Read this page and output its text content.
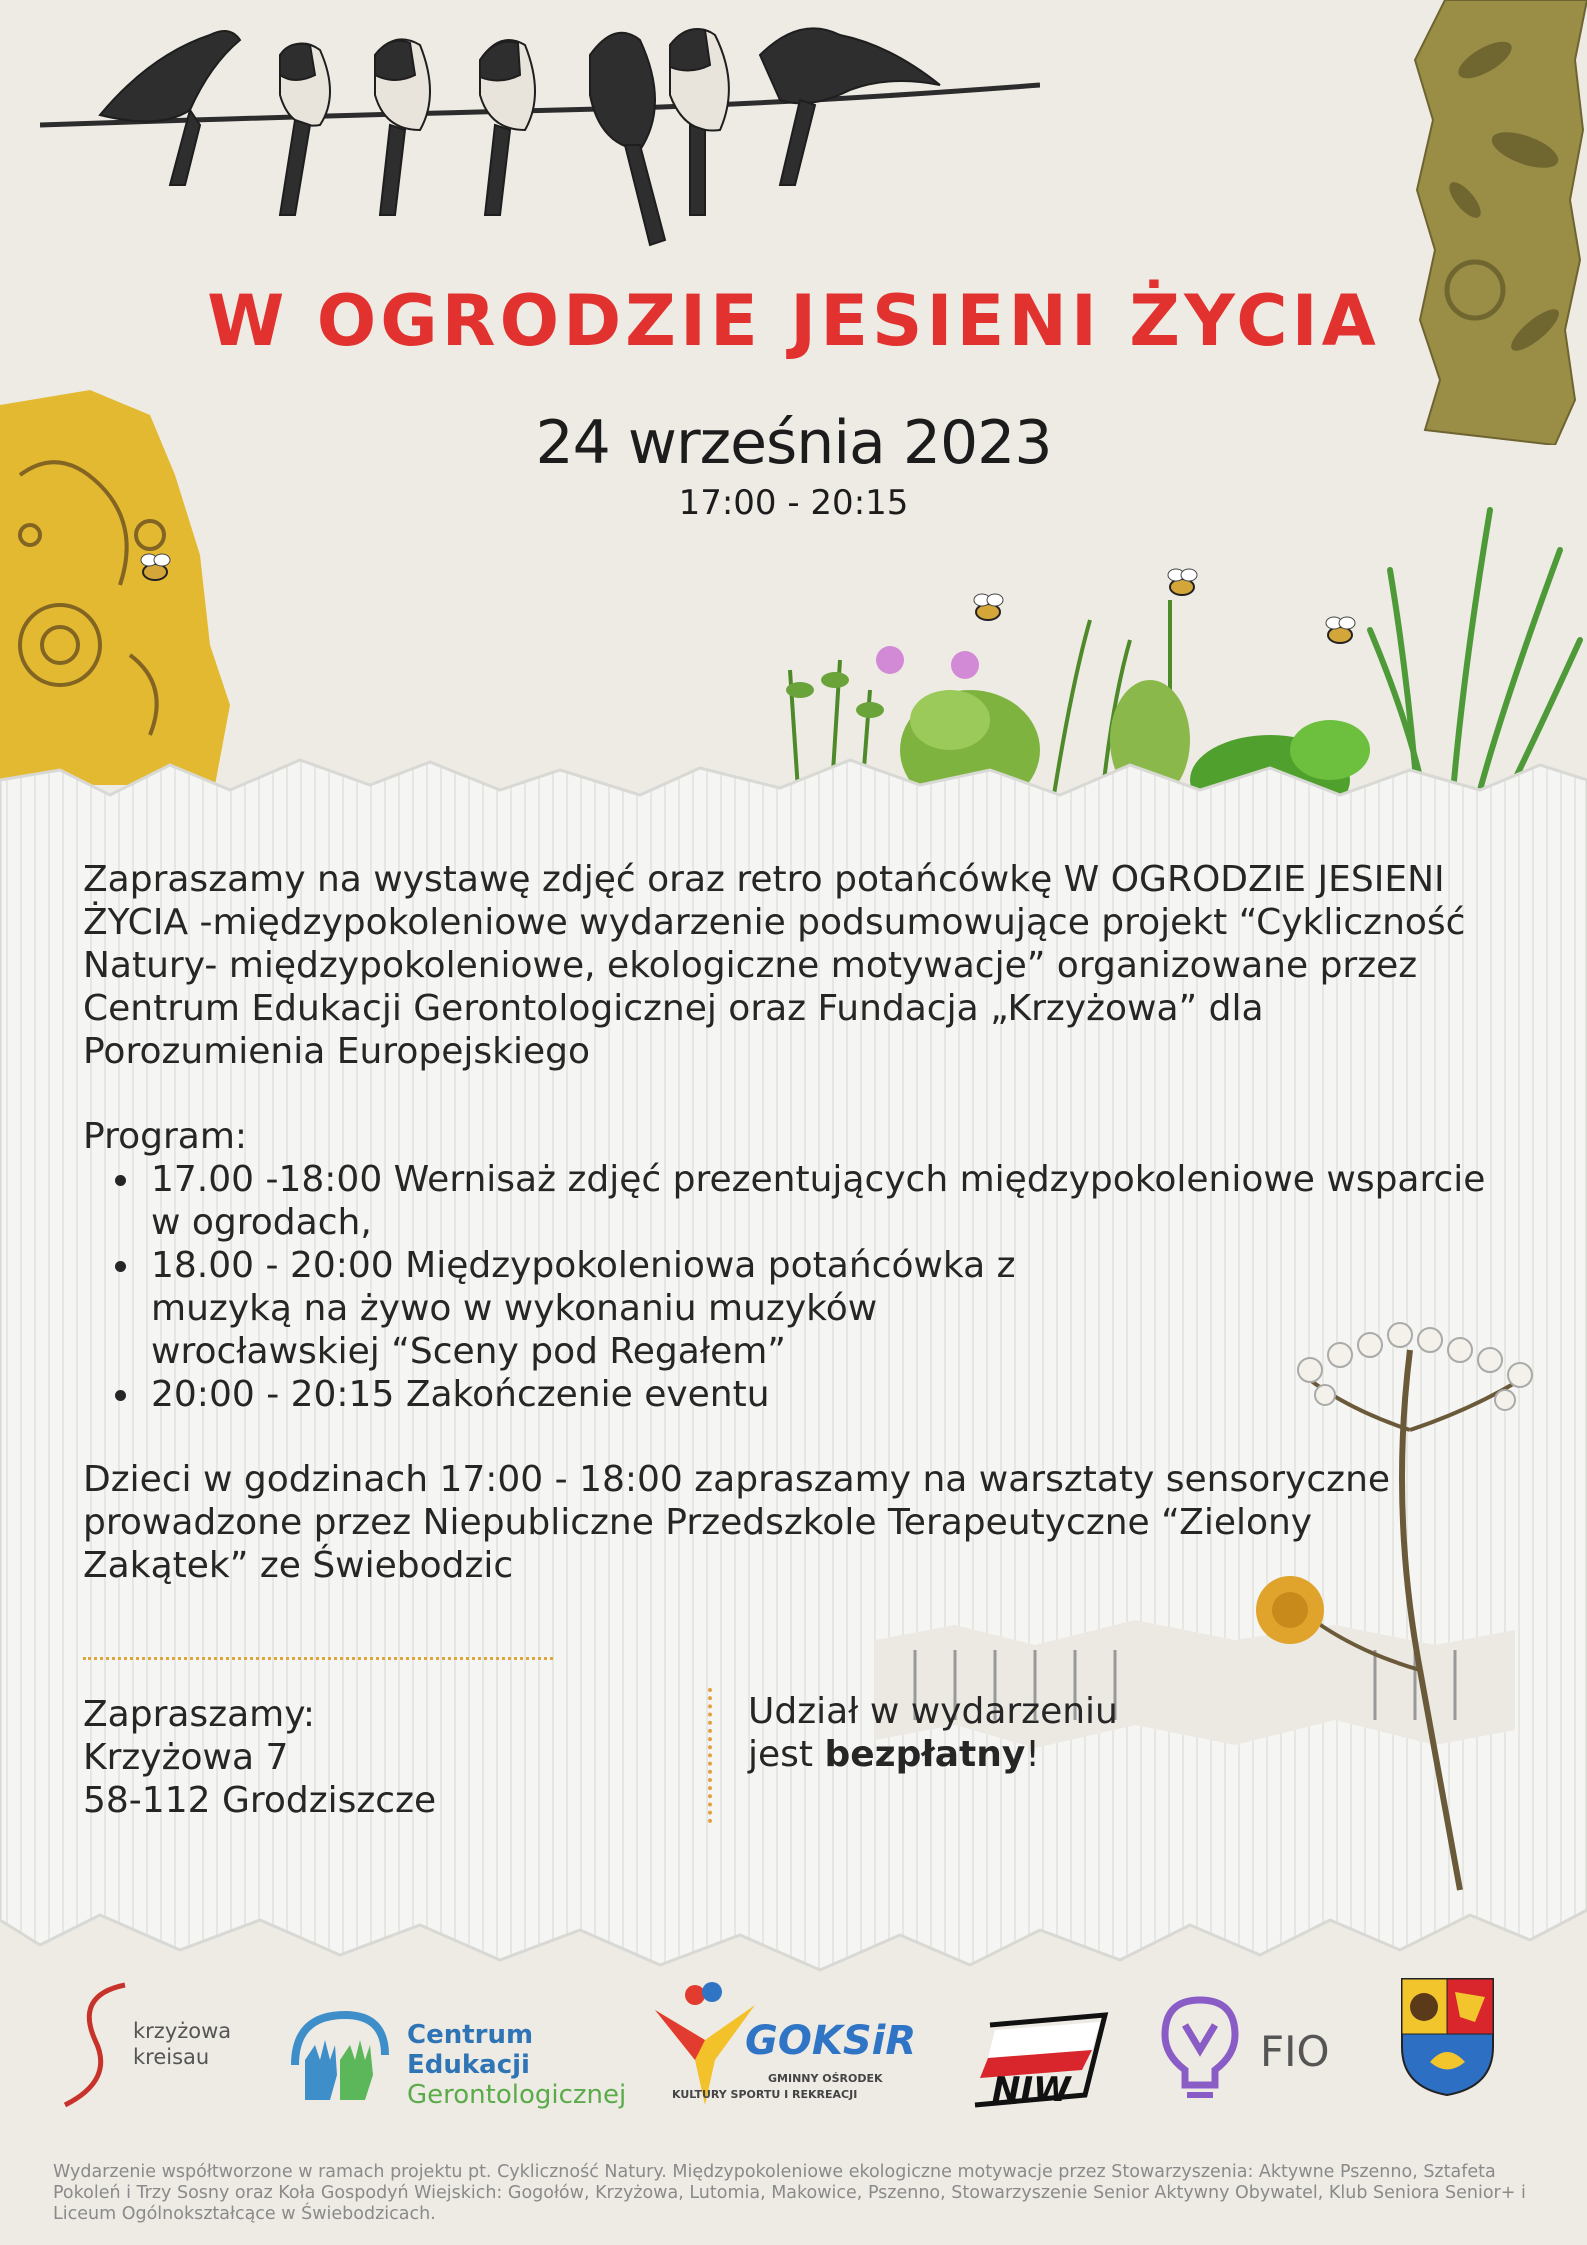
W OGRODZIE JESIENI ŻYCIA
24 września 2023
17:00 - 20:15

Zapraszamy na wystawę zdjęć oraz retro potańcówkę W OGRODZIE JESIENI ŻYCIA -międzypokoleniowe wydarzenie podsumowujące projekt “Cykliczność Natury- międzypokoleniowe, ekologiczne motywacje” organizowane przez Centrum Edukacji Gerontologicznej oraz Fundacja „Krzyżowa” dla Porozumienia Europejskiego

Program:

17.00 -18:00 Wernisaż zdjęć prezentujących międzypokoleniowe wsparcie w ogrodach,
18.00 - 20:00 Międzypokoleniowa potańcówka z muzyką na żywo w wykonaniu muzyków wrocławskiej “Sceny pod Regałem”
20:00 - 20:15 Zakończenie eventu

Dzieci w godzinach 17:00 - 18:00 zapraszamy na warsztaty sensoryczne prowadzone przez Niepubliczne Przedszkole Terapeutyczne “Zielony Zakątek” ze Świebodzic

Zapraszamy:
Krzyżowa 7
58-112 Grodziszcze
Udział w wydarzeniu
jest bezpłatny!
krzyżowa
kreisau
Centrum Edukacji
Gerontologicznej
GOKSiR
GMINNY OŚRODEK
KULTURY SPORTU I REKREACJI	NIW
FIO
Wydarzenie współtworzone w ramach projektu pt. Cykliczność Natury. Międzypokoleniowe ekologiczne motywacje przez Stowarzyszenia: Aktywne Pszenno, Sztafeta Pokoleń i Trzy Sosny oraz Koła Gospodyń Wiejskich: Gogołów, Krzyżowa, Lutomia, Makowice, Pszenno, Stowarzyszenie Senior Aktywny Obywatel, Klub Seniora Senior+ i Liceum Ogólnokształcące w Świebodzicach.
